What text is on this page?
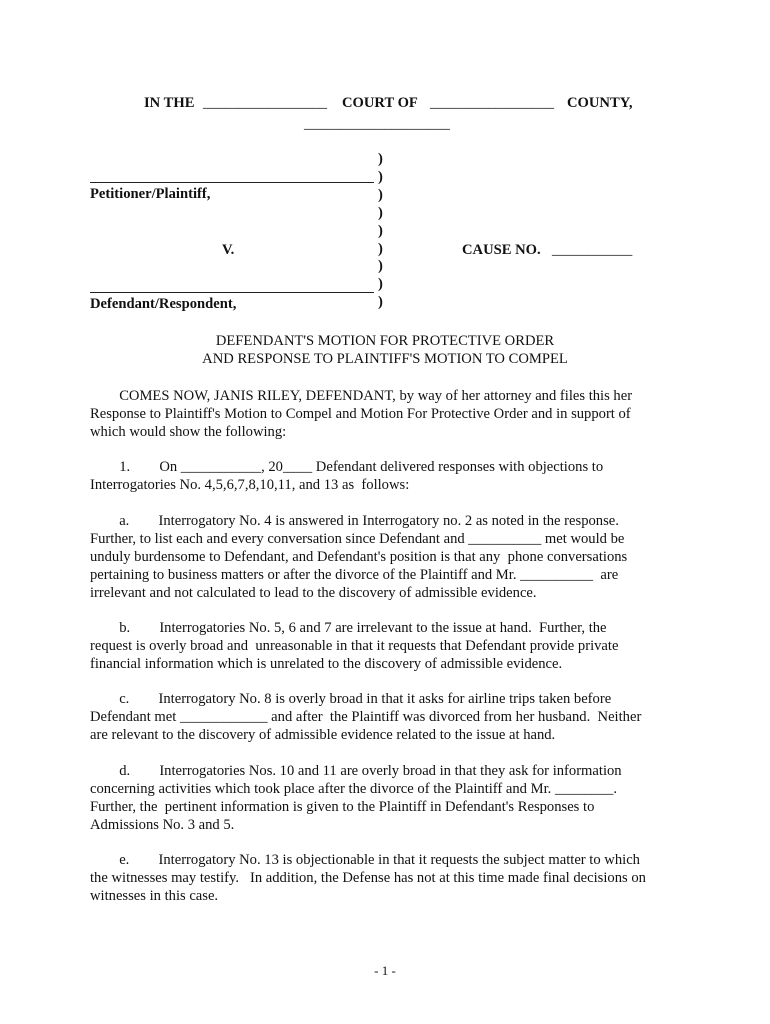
IN THE _________________ COURT OF _________________ COUNTY,
____________________
)
)
)
)
)
)
)
)
)
Petitioner/Plaintiff,
V.	CAUSE NO. ___________
Defendant/Respondent,
DEFENDANT'S MOTION FOR PROTECTIVE ORDER
AND RESPONSE TO PLAINTIFF'S MOTION TO COMPEL
COMES NOW, JANIS RILEY, DEFENDANT, by way of her attorney and files this her
Response to Plaintiff's Motion to Compel and Motion For Protective Order and in support of
which would show the following:
1.        On ___________, 20____ Defendant delivered responses with objections to
Interrogatories No. 4,5,6,7,8,10,11, and 13 as  follows:
a.        Interrogatory No. 4 is answered in Interrogatory no. 2 as noted in the response.
Further, to list each and every conversation since Defendant and __________ met would be
unduly burdensome to Defendant, and Defendant's position is that any  phone conversations
pertaining to business matters or after the divorce of the Plaintiff and Mr. __________  are
irrelevant and not calculated to lead to the discovery of admissible evidence.
b.        Interrogatories No. 5, 6 and 7 are irrelevant to the issue at hand.  Further, the
request is overly broad and  unreasonable in that it requests that Defendant provide private
financial information which is unrelated to the discovery of admissible evidence.
c.        Interrogatory No. 8 is overly broad in that it asks for airline trips taken before
Defendant met ____________ and after  the Plaintiff was divorced from her husband.  Neither
are relevant to the discovery of admissible evidence related to the issue at hand.
d.        Interrogatories Nos. 10 and 11 are overly broad in that they ask for information
concerning activities which took place after the divorce of the Plaintiff and Mr. ________.
Further, the  pertinent information is given to the Plaintiff in Defendant's Responses to
Admissions No. 3 and 5.
e.        Interrogatory No. 13 is objectionable in that it requests the subject matter to which
the witnesses may testify.   In addition, the Defense has not at this time made final decisions on
witnesses in this case.
- 1 -
